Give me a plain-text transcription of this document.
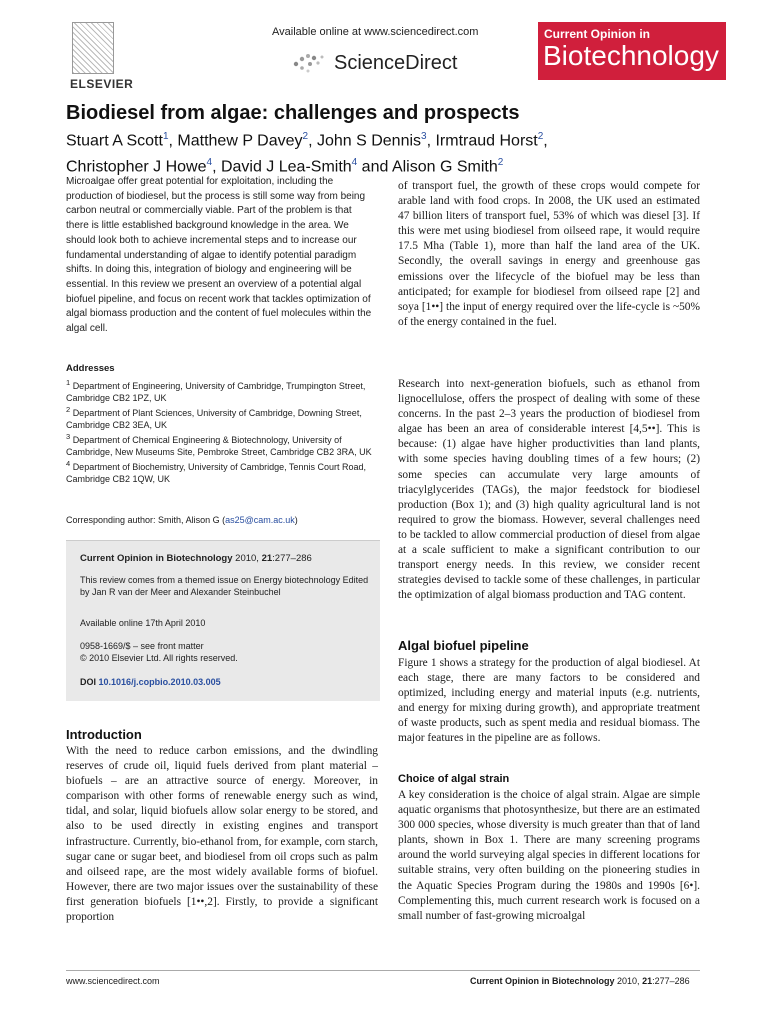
ELSEVIER
Available online at www.sciencedirect.com
ScienceDirect
Current Opinion in
Biotechnology
Biodiesel from algae: challenges and prospects
Stuart A Scott$^1$, Matthew P Davey$^2$, John S Dennis$^3$, Irmtraud Horst$^2$,
Christopher J Howe$^4$, David J Lea-Smith$^4$ and Alison G Smith$^2$
Microalgae offer great potential for exploitation, including the production of biodiesel, but the process is still some way from being carbon neutral or commercially viable. Part of the problem is that there is little established background knowledge in the area. We should look both to achieve incremental steps and to increase our fundamental understanding of algae to identify potential paradigm shifts. In doing this, integration of biology and engineering will be essential. In this review we present an overview of a potential algal biofuel pipeline, and focus on recent work that tackles optimization of algal biomass production and the content of fuel molecules within the algal cell.
Addresses

$^1$ Department of Engineering, University of Cambridge, Trumpington Street, Cambridge CB2 1PZ, UK

$^2$ Department of Plant Sciences, University of Cambridge, Downing Street, Cambridge CB2 3EA, UK

$^3$ Department of Chemical Engineering & Biotechnology, University of Cambridge, New Museums Site, Pembroke Street, Cambridge CB2 3RA, UK

$^4$ Department of Biochemistry, University of Cambridge, Tennis Court Road, Cambridge CB2 1QW, UK

Corresponding author: Smith, Alison G (as25@cam.ac.uk)
Current Opinion in Biotechnology 2010, 21:277–286
This review comes from a themed issue on Energy biotechnology Edited by Jan R van der Meer and Alexander Steinbuchel
Available online 17th April 2010
0958-1669/$ – see front matter
© 2010 Elsevier Ltd. All rights reserved.
DOI 10.1016/j.copbio.2010.03.005
Introduction
With the need to reduce carbon emissions, and the dwindling reserves of crude oil, liquid fuels derived from plant material – biofuels – are an attractive source of energy. Moreover, in comparison with other forms of renewable energy such as wind, tidal, and solar, liquid biofuels allow solar energy to be stored, and also to be used directly in existing engines and transport infrastructure. Currently, bio-ethanol from, for example, corn starch, sugar cane or sugar beet, and biodiesel from oil crops such as palm and oilseed rape, are the most widely available forms of biofuel. However, there are two major issues over the sustainability of these first generation biofuels [1••,2]. Firstly, to provide a significant proportion
of transport fuel, the growth of these crops would compete for arable land with food crops. In 2008, the UK used an estimated 47 billion liters of transport fuel, 53% of which was diesel [3]. If this were met using biodiesel from oilseed rape, it would require 17.5 Mha (Table 1), more than half the land area of the UK. Secondly, the overall savings in energy and greenhouse gas emissions over the lifecycle of the biofuel may be less than anticipated; for example for biodiesel from oilseed rape [2] and soya [1••] the input of energy required over the life-cycle is ~50% of the energy contained in the fuel.
Research into next-generation biofuels, such as ethanol from lignocellulose, offers the prospect of dealing with some of these concerns. In the past 2–3 years the production of biodiesel from algae has been an area of considerable interest [4,5••]. This is because: (1) algae have higher productivities than land plants, with some species having doubling times of a few hours; (2) some species can accumulate very large amounts of triacylglycerides (TAGs), the major feedstock for biodiesel production (Box 1); and (3) high quality agricultural land is not required to grow the biomass. However, several challenges need to be tackled to allow commercial production of diesel from algae at a scale sufficient to make a significant contribution to our transport energy needs. In this review, we consider recent strategies devised to tackle some of these challenges, in particular the optimization of algal biomass production and TAG content.
Algal biofuel pipeline
Figure 1 shows a strategy for the production of algal biodiesel. At each stage, there are many factors to be considered and optimized, including energy and material inputs (e.g. nutrients, and energy for mixing during growth), and appropriate treatment of waste products, such as spent media and residual biomass. The major features in the pipeline are as follows.
Choice of algal strain
A key consideration is the choice of algal strain. Algae are simple aquatic organisms that photosynthesize, but there are an estimated 300 000 species, whose diversity is much greater than that of land plants, shown in Box 1. There are many screening programs around the world surveying algal species in different locations for suitable strains, very often building on the pioneering studies in the Aquatic Species Program during the 1980s and 1990s [6•]. Complementing this, much current research work is focused on a small number of fast-growing microalgal
www.sciencedirect.com	Current Opinion in Biotechnology 2010, 21:277–286
